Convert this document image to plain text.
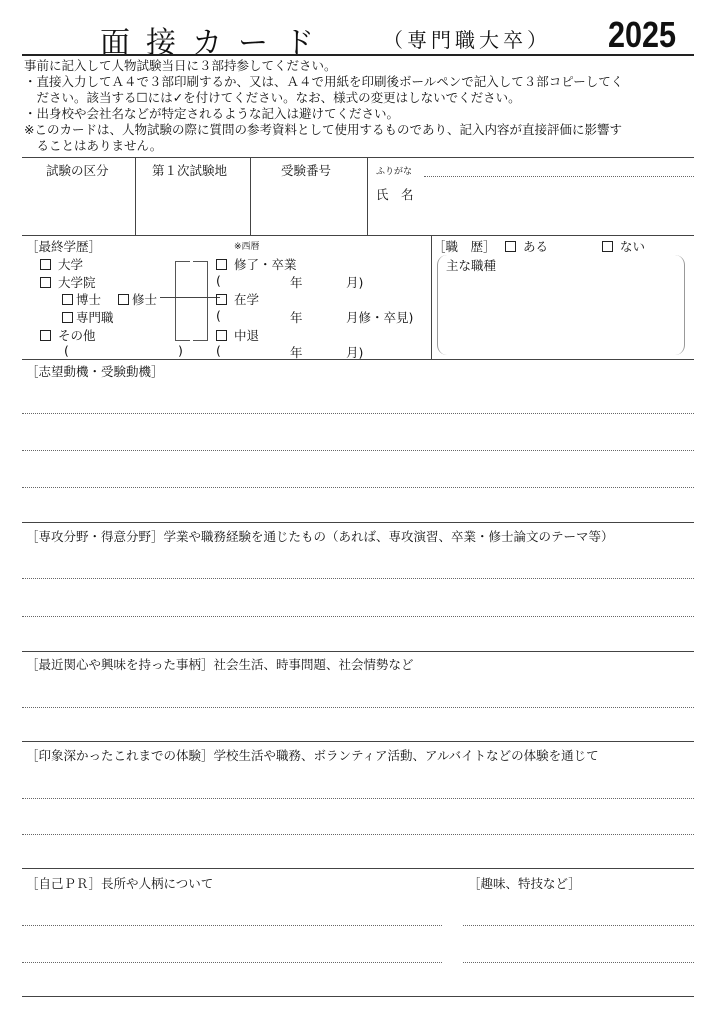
面接カード	（専門職大卒） 2025
事前に記入して人物試験当日に３部持参してください。
・直接入力してＡ４で３部印刷するか、又は、Ａ４で用紙を印刷後ボールペンで記入して３部コピーしてく
　ださい。該当する☐には✓を付けてください。なお、様式の変更はしないでください。
・出身校や会社名などが特定されるような記入は避けてください。
※このカードは、人物試験の際に質問の参考資料として使用するものであり、記入内容が直接評価に影響す
　ることはありません。
試験の区分	第１次試験地	受験番号	ふりがな
氏　名
［最終学歴］	※西暦
大学
大学院
博士	修士
専門職
その他
(	)
修了・卒業
(	年	月)
在学
(	年	月修・卒見)
中退
(	年	月)
［職　歴］	ある	ない
主な職種
［志望動機・受験動機］
［専攻分野・得意分野］学業や職務経験を通じたもの（あれば、専攻演習、卒業・修士論文のテーマ等）
［最近関心や興味を持った事柄］社会生活、時事問題、社会情勢など
［印象深かったこれまでの体験］学校生活や職務、ボランティア活動、アルバイトなどの体験を通じて
［自己ＰＲ］長所や人柄について	［趣味、特技など］
